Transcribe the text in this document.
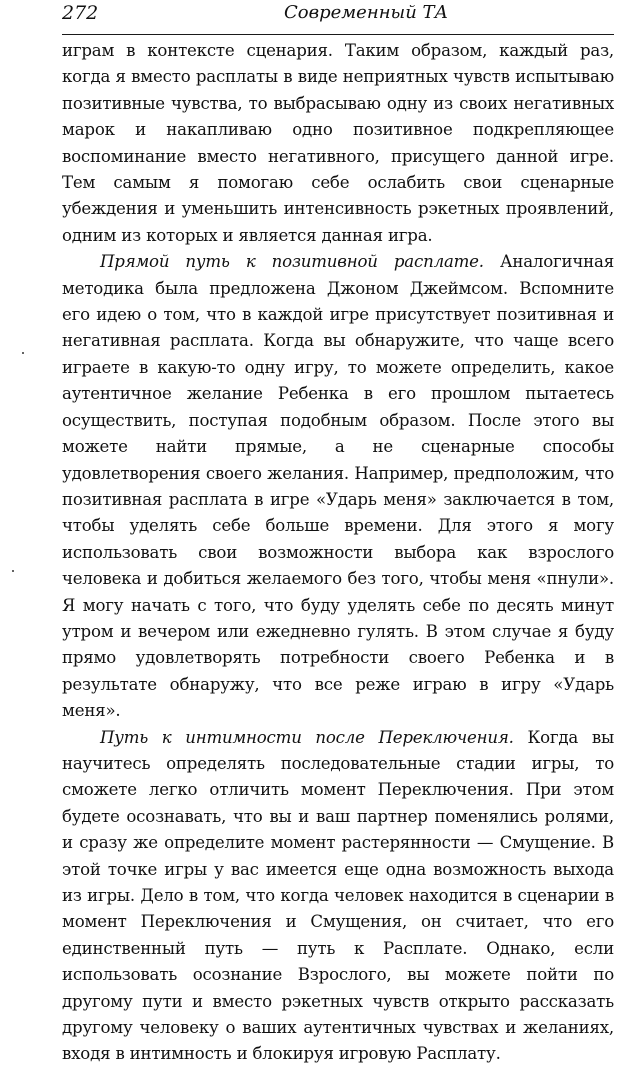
272	Современный ТА

играм в контексте сценария. Таким образом, каждый раз, когда я вместо расплаты в виде неприятных чувств испытываю позитивные чувства, то выбрасываю одну из своих негативных марок и накапливаю одно позитивное подкрепляющее воспоминание вместо негативного, присущего данной игре. Тем самым я помогаю себе ослабить свои сценарные убеждения и уменьшить интенсивность рэкетных проявлений, одним из которых и является данная игра.

Прямой путь к позитивной расплате. Аналогичная методика была предложена Джоном Джеймсом. Вспомните его идею о том, что в каждой игре присутствует позитивная и негативная расплата. Когда вы обнаружите, что чаще всего играете в какую-то одну игру, то можете определить, какое аутентичное желание Ребенка в его прошлом пытаетесь осуществить, поступая подобным образом. После этого вы можете найти прямые, а не сценарные способы удовлетворения своего желания. Например, предположим, что позитивная расплата в игре «Ударь меня» заключается в том, чтобы уделять себе больше времени. Для этого я могу использовать свои возможности выбора как взрослого человека и добиться желаемого без того, чтобы меня «пнули». Я могу начать с того, что буду уделять себе по десять минут утром и вечером или ежедневно гулять. В этом случае я буду прямо удовлетворять потребности своего Ребенка и в результате обнаружу, что все реже играю в игру «Ударь меня».

Путь к интимности после Переключения. Когда вы научитесь определять последовательные стадии игры, то сможете легко отличить момент Переключения. При этом будете осознавать, что вы и ваш партнер поменялись ролями, и сразу же определите момент растерянности — Смущение. В этой точке игры у вас имеется еще одна возможность выхода из игры. Дело в том, что когда человек находится в сценарии в момент Переключения и Смущения, он считает, что его единственный путь — путь к Расплате. Однако, если использовать осознание Взрослого, вы можете пойти по другому пути и вместо рэкетных чувств открыто рассказать другому человеку о ваших аутентичных чувствах и желаниях, входя в интимность и блокируя игровую Расплату.
